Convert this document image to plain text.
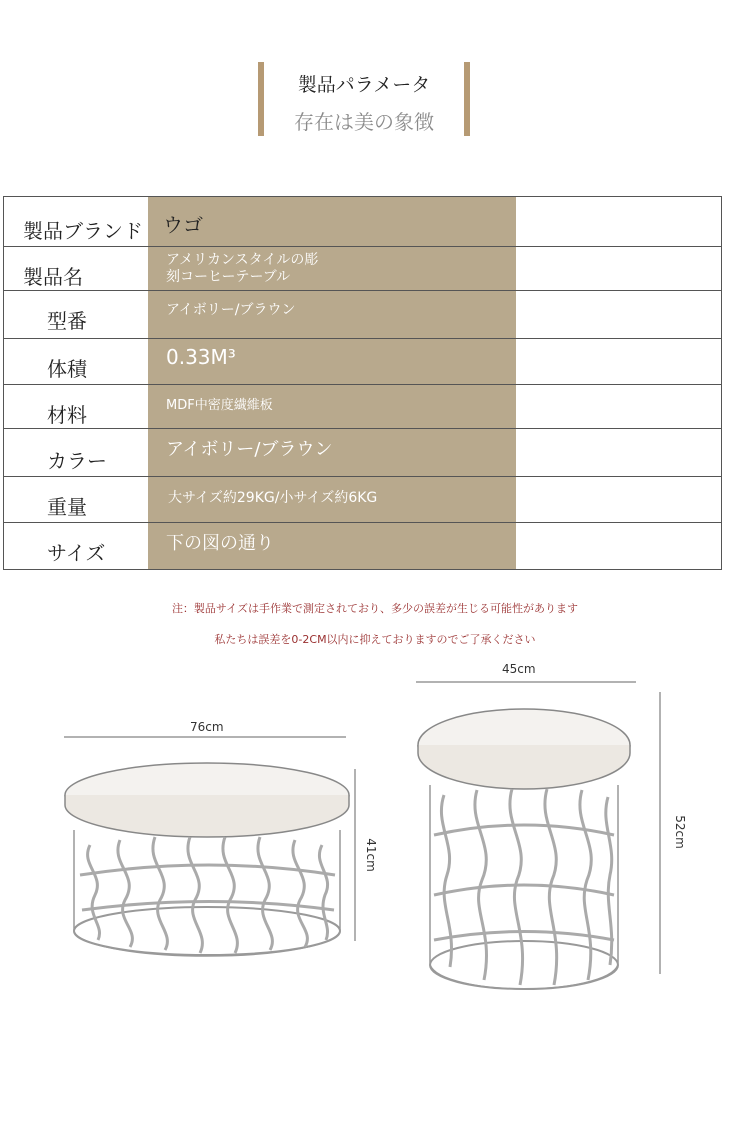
製品パラメータ
存在は美の象徴
製品ブランド ウゴ
製品名
アメリカンスタイルの彫
刻コーヒーテーブル
型番	アイボリー/ブラウン
体積	0.33M³
材料	MDF中密度繊維板
カラー	アイボリー/ブラウン
重量	大サイズ約29KG/小サイズ約6KG
サイズ	下の図の通り
注：製品サイズは手作業で測定されており、多少の誤差が生じる可能性があります
私たちは誤差を0-2CM以内に抑えておりますのでご了承ください
76cm
41cm
45cm
52cm
